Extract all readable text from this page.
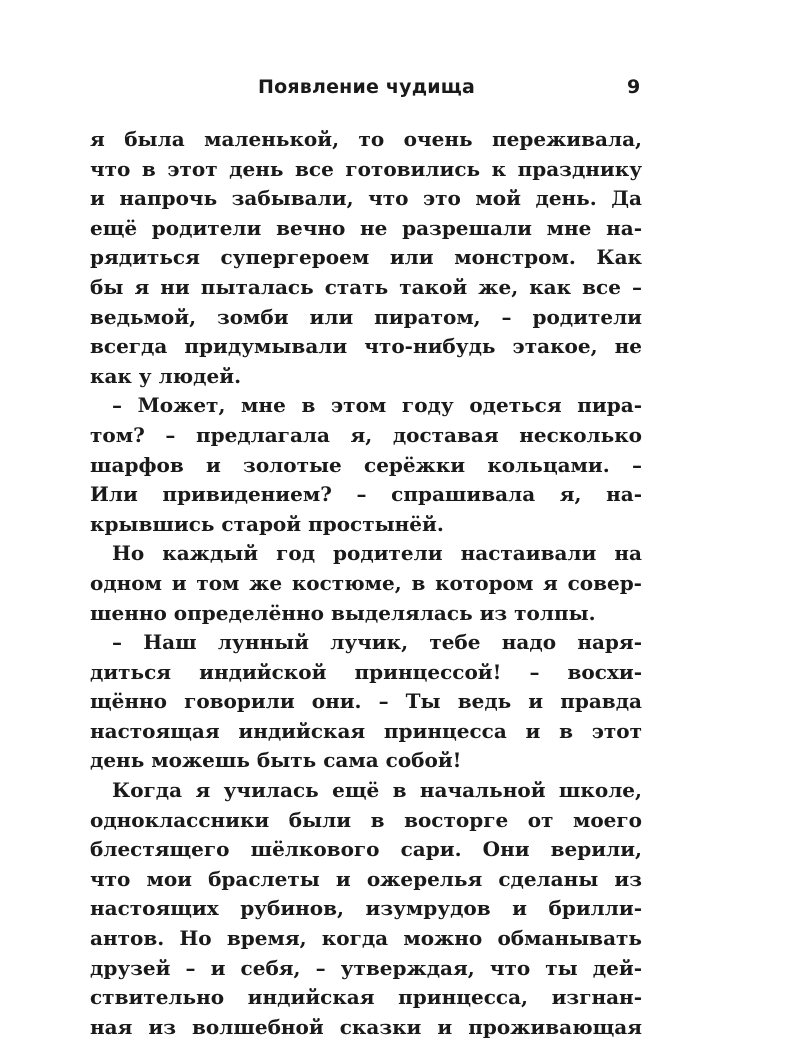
Появление чудища	9
я была маленькой, то очень переживала,
что в этот день все готовились к празднику
и напрочь забывали, что это мой день. Да
ещё родители вечно не разрешали мне на-
рядиться супергероем или монстром. Как
бы я ни пыталась стать такой же, как все –
ведьмой, зомби или пиратом, – родители
всегда придумывали что-нибудь этакое, не
как у людей.
– Может, мне в этом году одеться пира-
том? – предлагала я, доставая несколько
шарфов и золотые серёжки кольцами. –
Или привидением? – спрашивала я, на-
крывшись старой простынёй.
Но каждый год родители настаивали на
одном и том же костюме, в котором я совер-
шенно определённо выделялась из толпы.
– Наш лунный лучик, тебе надо наря-
диться индийской принцессой! – восхи-
щённо говорили они. – Ты ведь и правда
настоящая индийская принцесса и в этот
день можешь быть сама собой!
Когда я училась ещё в начальной школе,
одноклассники были в восторге от моего
блестящего шёлкового сари. Они верили,
что мои браслеты и ожерелья сделаны из
настоящих рубинов, изумрудов и брилли-
антов. Но время, когда можно обманывать
друзей – и себя, – утверждая, что ты дей-
ствительно индийская принцесса, изгнан-
ная из волшебной сказки и проживающая
